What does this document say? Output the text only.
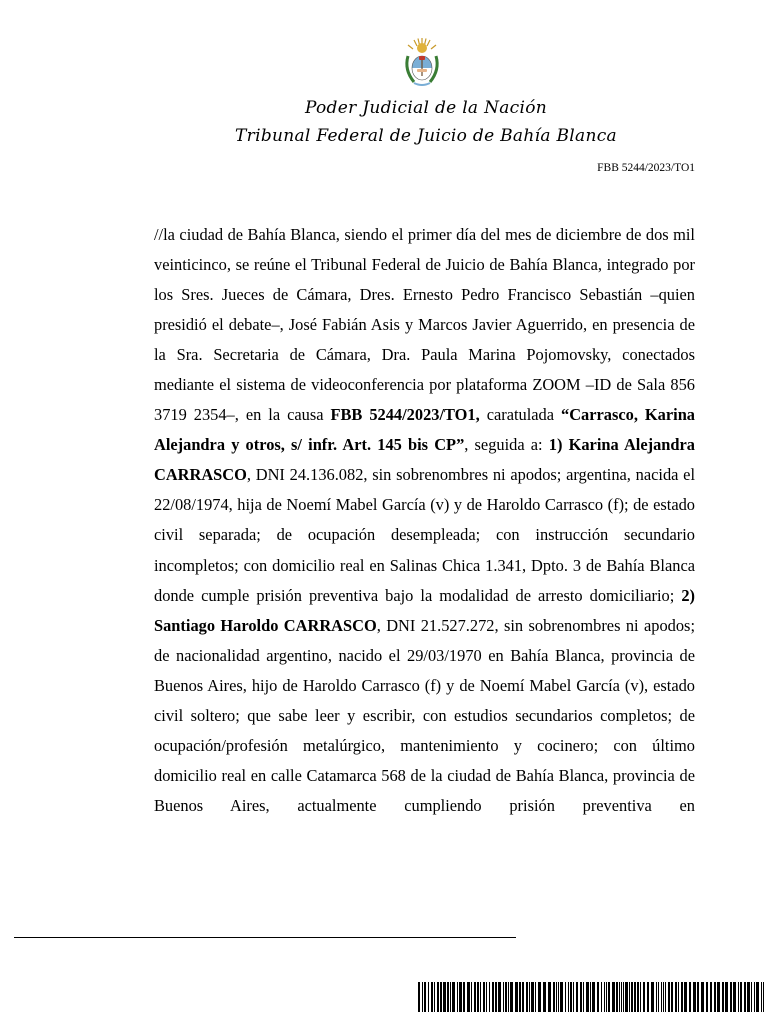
Poder Judicial de la Nación
Tribunal Federal de Juicio de Bahía Blanca
FBB 5244/2023/TO1

//la ciudad de Bahía Blanca, siendo el primer día del mes de diciembre de dos mil veinticinco, se reúne el Tribunal Federal de Juicio de Bahía Blanca, integrado por los Sres. Jueces de Cámara, Dres. Ernesto Pedro Francisco Sebastián –quien presidió el debate–, José Fabián Asis y Marcos Javier Aguerrido, en presencia de la Sra. Secretaria de Cámara, Dra. Paula Marina Pojomovsky, conectados mediante el sistema de videoconferencia por plataforma ZOOM –ID de Sala 856 3719 2354–, en la causa FBB 5244/2023/TO1, caratulada “Carrasco, Karina Alejandra y otros, s/ infr. Art. 145 bis CP”, seguida a: 1) Karina Alejandra CARRASCO, DNI 24.136.082, sin sobrenombres ni apodos; argentina, nacida el 22/08/1974, hija de Noemí Mabel García (v) y de Haroldo Carrasco (f); de estado civil separada; de ocupación desempleada; con instrucción secundario incompletos; con domicilio real en Salinas Chica 1.341, Dpto. 3 de Bahía Blanca donde cumple prisión preventiva bajo la modalidad de arresto domiciliario; 2) Santiago Haroldo CARRASCO, DNI 21.527.272, sin sobrenombres ni apodos; de nacionalidad argentino, nacido el 29/03/1970 en Bahía Blanca, provincia de Buenos Aires, hijo de Haroldo Carrasco (f) y de Noemí Mabel García (v), estado civil soltero; que sabe leer y escribir, con estudios secundarios completos; de ocupación/profesión metalúrgico, mantenimiento y cocinero; con último domicilio real en calle Catamarca 568 de la ciudad de Bahía Blanca, provincia de Buenos Aires, actualmente cumpliendo prisión preventiva en
